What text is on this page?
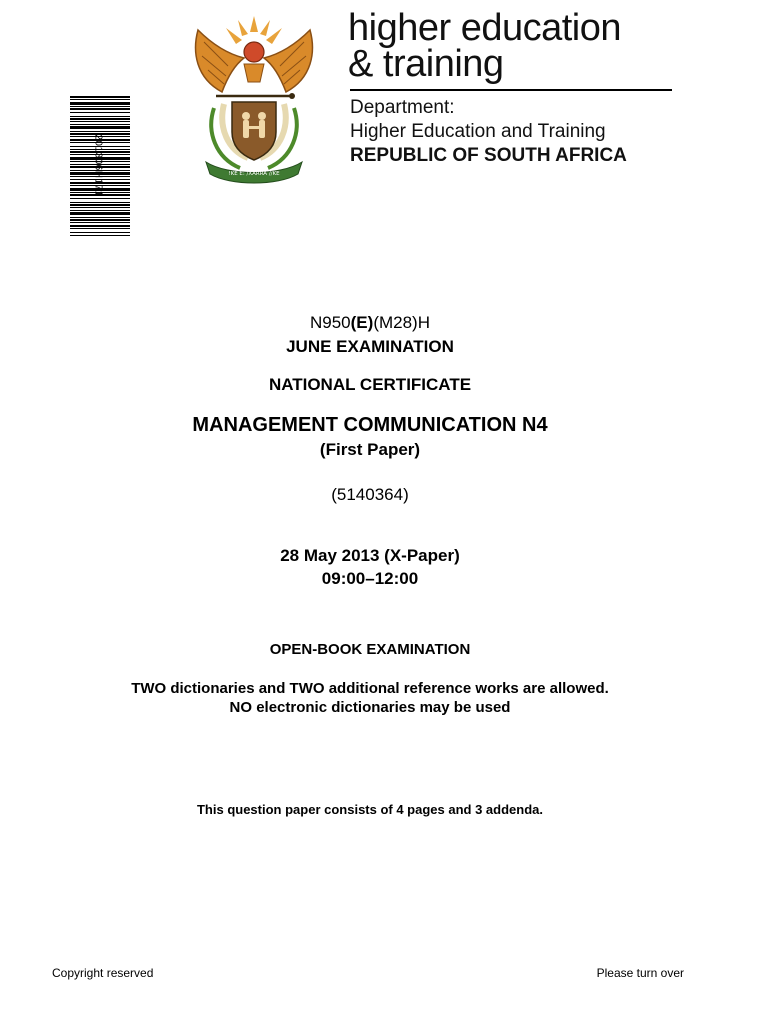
201306H171	!KE E: /XARRA //KE
higher education
& training
Department:
Higher Education and Training
REPUBLIC OF SOUTH AFRICA
N950(E)(M28)H
JUNE EXAMINATION
NATIONAL CERTIFICATE
MANAGEMENT COMMUNICATION N4
(First Paper)
(5140364)
28 May 2013 (X-Paper)
09:00–12:00
OPEN-BOOK EXAMINATION
TWO dictionaries and TWO additional reference works are allowed.
NO electronic dictionaries may be used
This question paper consists of 4 pages and 3 addenda.
Copyright reserved	Please turn over
